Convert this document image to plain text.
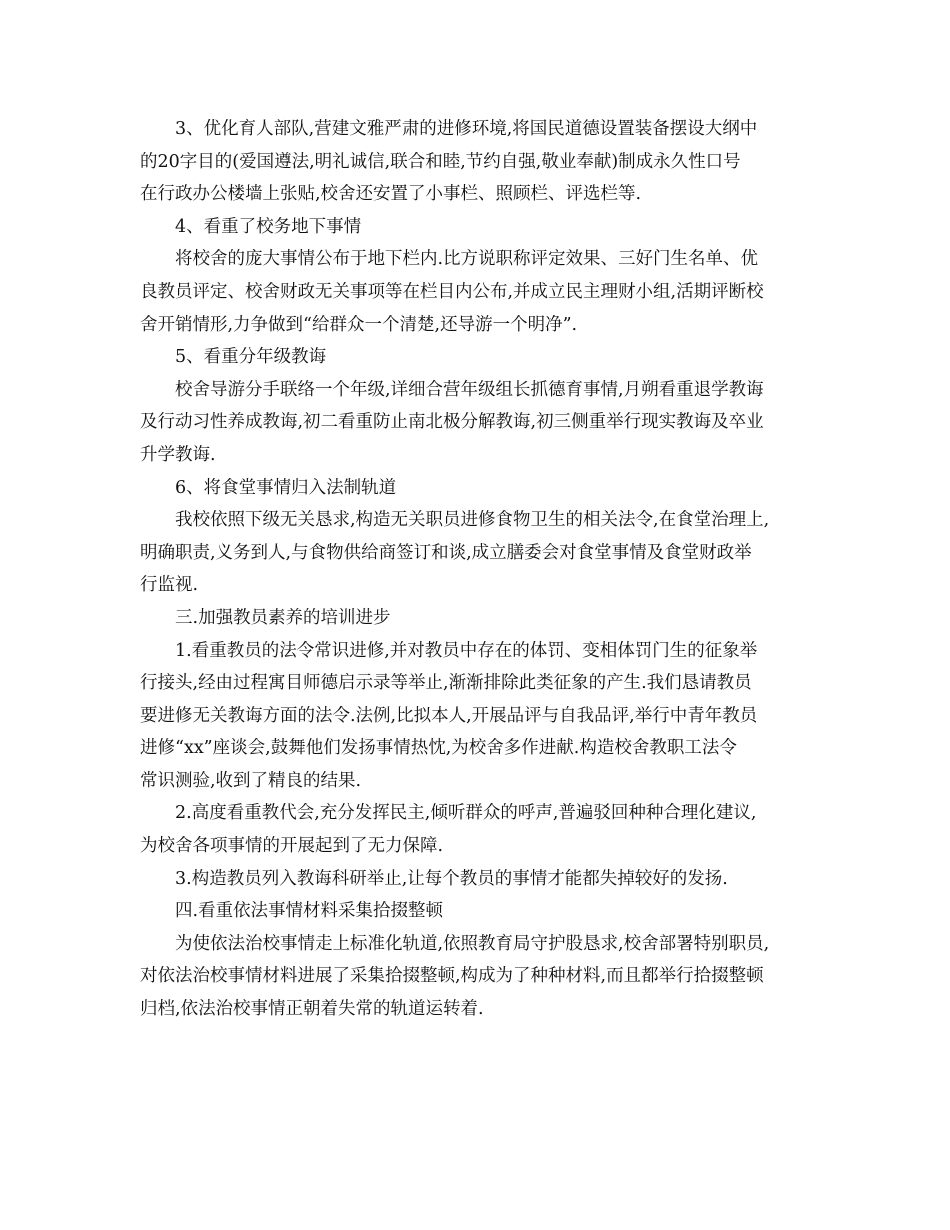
3、优化育人部队,营建文雅严肃的进修环境,将国民道德设置装备摆设大纲中
的20字目的(爱国遵法,明礼诚信,联合和睦,节约自强,敬业奉献)制成永久性口号
在行政办公楼墙上张贴,校舍还安置了小事栏、照顾栏、评选栏等.
4、看重了校务地下事情
将校舍的庞大事情公布于地下栏内.比方说职称评定效果、三好门生名单、优
良教员评定、校舍财政无关事项等在栏目内公布,并成立民主理财小组,活期评断校
舍开销情形,力争做到“给群众一个清楚,还导游一个明净”.
5、看重分年级教诲
校舍导游分手联络一个年级,详细合营年级组长抓德育事情,月朔看重退学教诲
及行动习性养成教诲,初二看重防止南北极分解教诲,初三侧重举行现实教诲及卒业
升学教诲.
6、将食堂事情归入法制轨道
我校依照下级无关恳求,构造无关职员进修食物卫生的相关法令,在食堂治理上,
明确职责,义务到人,与食物供给商签订和谈,成立膳委会对食堂事情及食堂财政举
行监视.
三.加强教员素养的培训进步
1.看重教员的法令常识进修,并对教员中存在的体罚、变相体罚门生的征象举
行接头,经由过程寓目师德启示录等举止,渐渐排除此类征象的产生.我们恳请教员
要进修无关教诲方面的法令.法例,比拟本人,开展品评与自我品评,举行中青年教员
进修“xx”座谈会,鼓舞他们发扬事情热忱,为校舍多作进献.构造校舍教职工法令
常识测验,收到了精良的结果.
2.高度看重教代会,充分发挥民主,倾听群众的呼声,普遍驳回种种合理化建议,
为校舍各项事情的开展起到了无力保障.
3.构造教员列入教诲科研举止,让每个教员的事情才能都失掉较好的发扬.
四.看重依法事情材料采集拾掇整顿
为使依法治校事情走上标准化轨道,依照教育局守护股恳求,校舍部署特别职员,
对依法治校事情材料进展了采集拾掇整顿,构成为了种种材料,而且都举行拾掇整顿
归档,依法治校事情正朝着失常的轨道运转着.
